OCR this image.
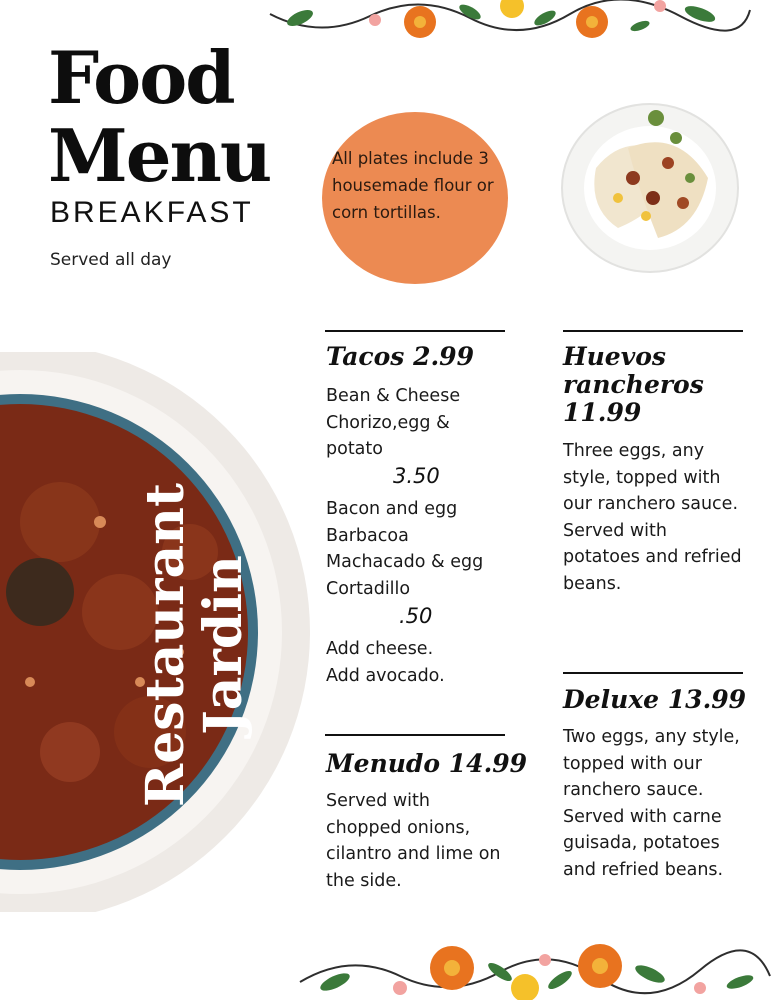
Food
Menu
BREAKFAST
Served all day
All plates include 3 housemade flour or corn tortillas.
Restaurant
Jardin
Tacos 2.99
Bean & Cheese
Chorizo,egg &
potato
3.50
Bacon and egg
Barbacoa
Machacado & egg
Cortadillo
.50
Add cheese.
Add avocado.
Menudo 14.99
Served with
chopped onions,
cilantro and lime on
the side.
Huevos
rancheros
11.99
Three eggs, any
style, topped with
our ranchero sauce.
Served with
potatoes and refried
beans.
Deluxe 13.99
Two eggs, any style,
topped with our
ranchero sauce.
Served with carne
guisada, potatoes
and refried beans.
